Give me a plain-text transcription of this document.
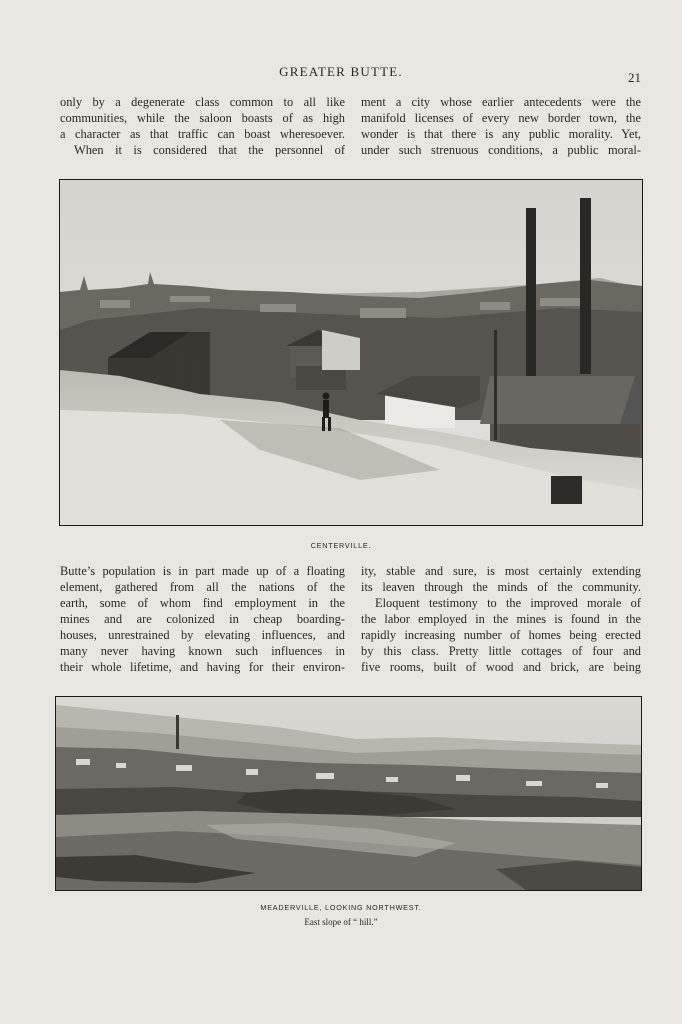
GREATER BUTTE.	21

only by a degenerate class common to all like

communities, while the saloon boasts of as high

a character as that traffic can boast wheresoever.

When it is considered that the personnel of

ment a city whose earlier antecedents were the

manifold licenses of every new border town, the

wonder is that there is any public morality. Yet,

under such strenuous conditions, a public moral-

CENTERVILLE.

Butte’s population is in part made up of a floating

element, gathered from all the nations of the

earth, some of whom find employment in the

mines and are colonized in cheap boarding-

houses, unrestrained by elevating influences, and

many never having known such influences in

their whole lifetime, and having for their environ-

ity, stable and sure, is most certainly extending

its leaven through the minds of the community.

Eloquent testimony to the improved morale of

the labor employed in the mines is found in the

rapidly increasing number of homes being erected

by this class. Pretty little cottages of four and

five rooms, built of wood and brick, are being

MEADERVILLE, LOOKING NORTHWEST.
East slope of “ hill.”
